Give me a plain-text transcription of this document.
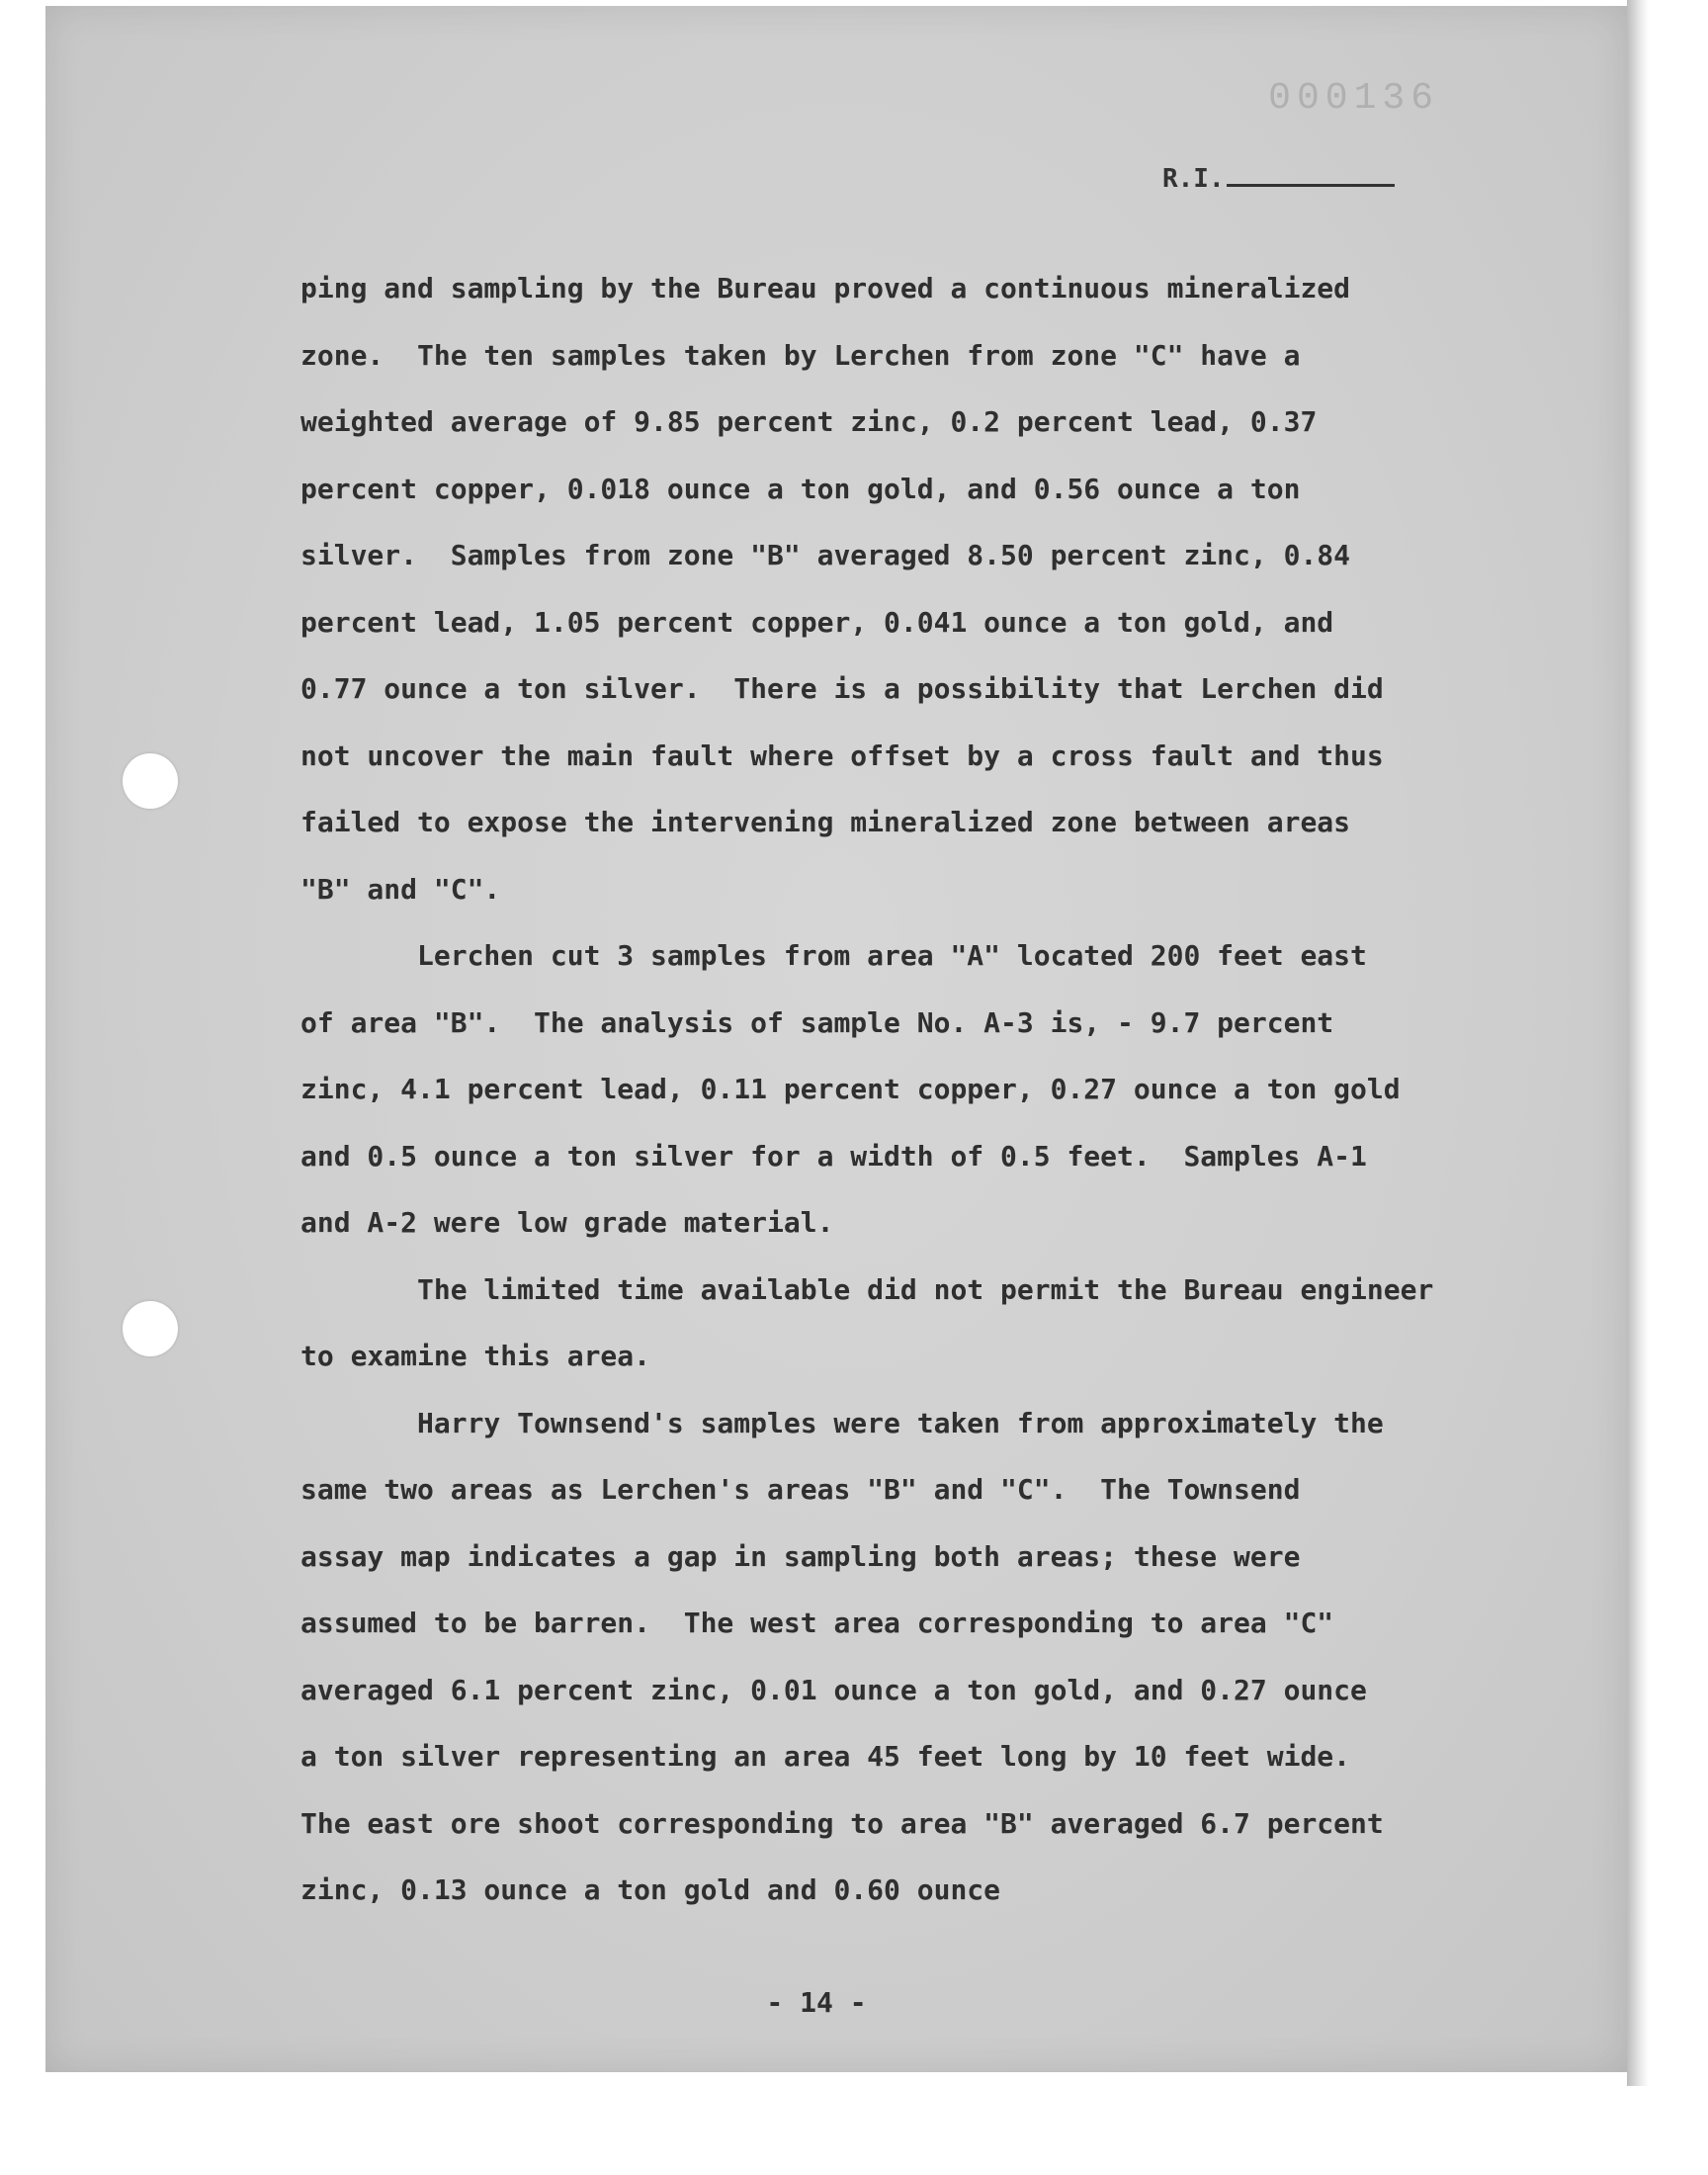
000136
R.I.
ping and sampling by the Bureau proved a continuous mineralized
zone.  The ten samples taken by Lerchen from zone "C" have a
weighted average of 9.85 percent zinc, 0.2 percent lead, 0.37
percent copper, 0.018 ounce a ton gold, and 0.56 ounce a ton
silver.  Samples from zone "B" averaged 8.50 percent zinc, 0.84
percent lead, 1.05 percent copper, 0.041 ounce a ton gold, and
0.77 ounce a ton silver.  There is a possibility that Lerchen did
not uncover the main fault where offset by a cross fault and thus
failed to expose the intervening mineralized zone between areas
"B" and "C".
Lerchen cut 3 samples from area "A" located 200 feet east
of area "B".  The analysis of sample No. A-3 is, - 9.7 percent
zinc, 4.1 percent lead, 0.11 percent copper, 0.27 ounce a ton gold
and 0.5 ounce a ton silver for a width of 0.5 feet.  Samples A-1
and A-2 were low grade material.
The limited time available did not permit the Bureau engineer
to examine this area.
Harry Townsend's samples were taken from approximately the
same two areas as Lerchen's areas "B" and "C".  The Townsend
assay map indicates a gap in sampling both areas; these were
assumed to be barren.  The west area corresponding to area "C"
averaged 6.1 percent zinc, 0.01 ounce a ton gold, and 0.27 ounce
a ton silver representing an area 45 feet long by 10 feet wide.
The east ore shoot corresponding to area "B" averaged 6.7 percent
zinc, 0.13 ounce a ton gold and 0.60 ounce
- 14 -
